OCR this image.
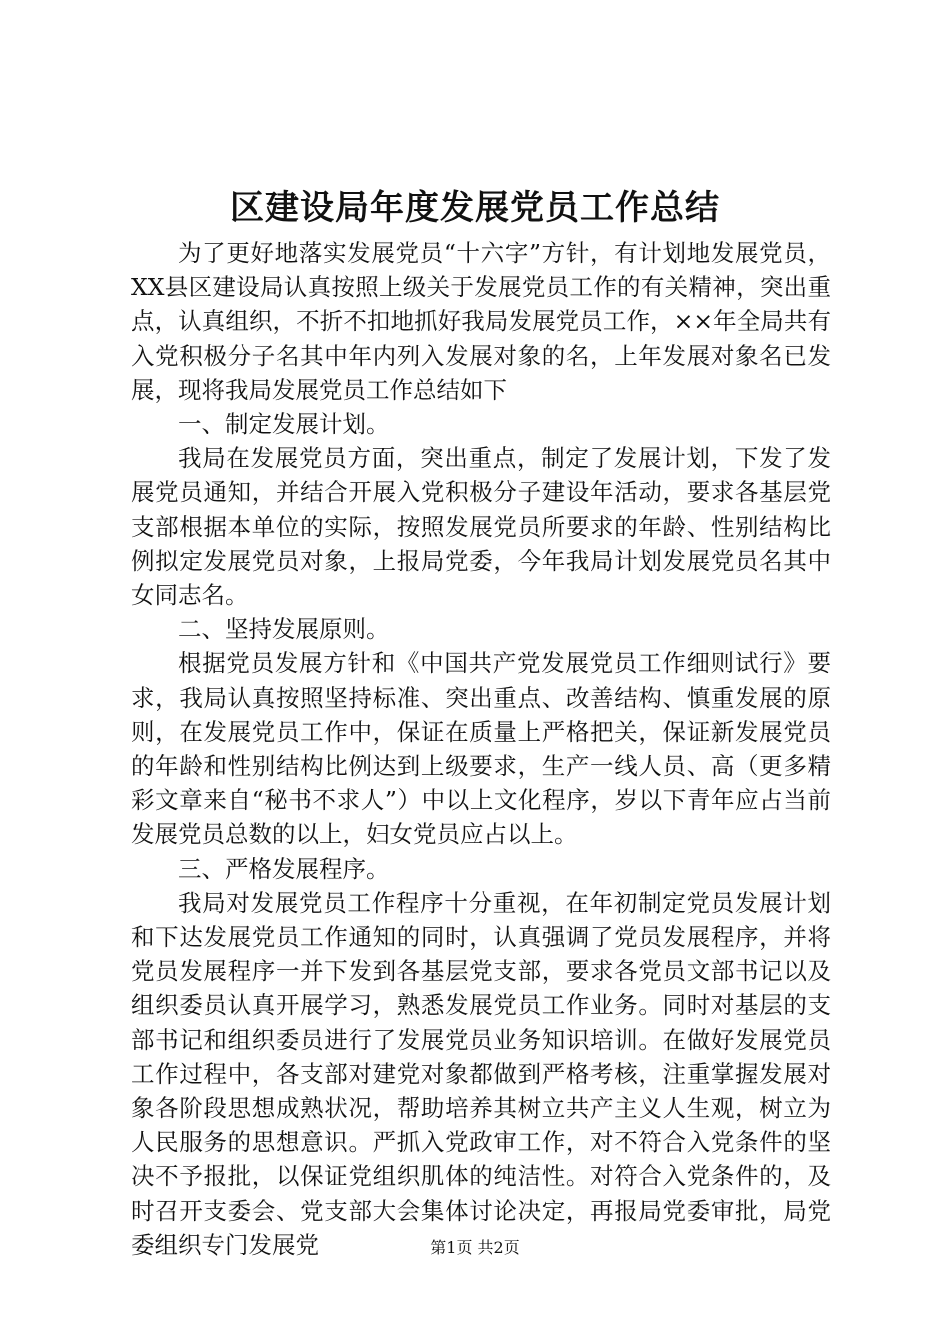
区建设局年度发展党员工作总结

为了更好地落实发展党员“十六字”方针，有计划地发展党员，XX县区建设局认真按照上级关于发展党员工作的有关精神，突出重点，认真组织，不折不扣地抓好我局发展党员工作，××年全局共有入党积极分子名其中年内列入发展对象的名，上年发展对象名已发展，现将我局发展党员工作总结如下

一、制定发展计划。

我局在发展党员方面，突出重点，制定了发展计划，下发了发展党员通知，并结合开展入党积极分子建设年活动，要求各基层党支部根据本单位的实际，按照发展党员所要求的年龄、性别结构比例拟定发展党员对象，上报局党委，今年我局计划发展党员名其中女同志名。

二、坚持发展原则。

根据党员发展方针和《中国共产党发展党员工作细则试行》要求，我局认真按照坚持标准、突出重点、改善结构、慎重发展的原则，在发展党员工作中，保证在质量上严格把关，保证新发展党员的年龄和性别结构比例达到上级要求，生产一线人员、高（更多精彩文章来自“秘书不求人”）中以上文化程序，岁以下青年应占当前发展党员总数的以上，妇女党员应占以上。

三、严格发展程序。

我局对发展党员工作程序十分重视，在年初制定党员发展计划和下达发展党员工作通知的同时，认真强调了党员发展程序，并将党员发展程序一并下发到各基层党支部，要求各党员文部书记以及组织委员认真开展学习，熟悉发展党员工作业务。同时对基层的支部书记和组织委员进行了发展党员业务知识培训。在做好发展党员工作过程中，各支部对建党对象都做到严格考核，注重掌握发展对象各阶段思想成熟状况，帮助培养其树立共产主义人生观，树立为人民服务的思想意识。严抓入党政审工作，对不符合入党条件的坚决不予报批，以保证党组织肌体的纯洁性。对符合入党条件的，及时召开支委会、党支部大会集体讨论决定，再报局党委审批，局党委组织专门发展党	第1页 共2页
